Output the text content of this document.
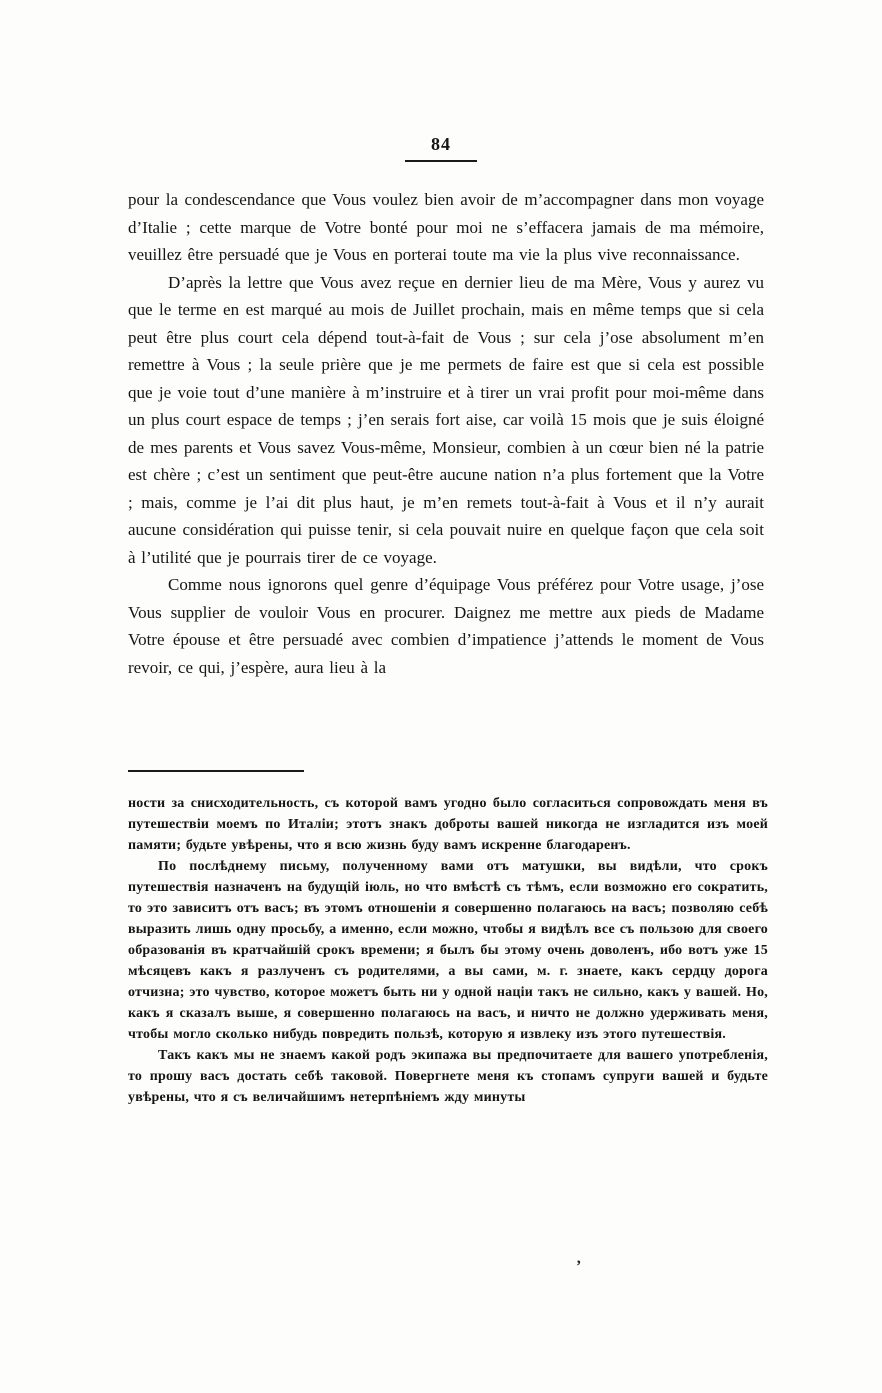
84

pour la condescendance que Vous voulez bien avoir de m’accompagner dans mon voyage d’Italie ; cette marque de Votre bonté pour moi ne s’effacera jamais de ma mémoire, veuillez être persuadé que je Vous en porterai toute ma vie la plus vive reconnaissance.

D’après la lettre que Vous avez reçue en dernier lieu de ma Mère, Vous y aurez vu que le terme en est marqué au mois de Juillet prochain, mais en même temps que si cela peut être plus court cela dépend tout-à-fait de Vous ; sur cela j’ose absolument m’en remettre à Vous ; la seule prière que je me permets de faire est que si cela est possible que je voie tout d’une manière à m’instruire et à tirer un vrai profit pour moi-même dans un plus court espace de temps ; j’en serais fort aise, car voilà 15 mois que je suis éloigné de mes parents et Vous savez Vous-même, Monsieur, combien à un cœur bien né la patrie est chère ; c’est un sentiment que peut-être aucune nation n’a plus fortement que la Votre ; mais, comme je l’ai dit plus haut, je m’en remets tout-à-fait à Vous et il n’y aurait aucune considération qui puisse tenir, si cela pouvait nuire en quelque façon que cela soit à l’utilité que je pourrais tirer de ce voyage.

Comme nous ignorons quel genre d’équipage Vous préférez pour Votre usage, j’ose Vous supplier de vouloir Vous en procurer. Daignez me mettre aux pieds de Madame Votre épouse et être persuadé avec combien d’impatience j’attends le moment de Vous revoir, ce qui, j’espère, aura lieu à la

ности за снисходительность, съ которой вамъ угодно было согласиться сопровождать меня въ путешествіи моемъ по Италіи; этотъ знакъ доброты вашей никогда не изгладится изъ моей памяти; будьте увѣрены, что я всю жизнь буду вамъ искренне благодаренъ.

По послѣднему письму, полученному вами отъ матушки, вы видѣли, что срокъ путешествія назначенъ на будущій іюль, но что вмѣстѣ съ тѣмъ, если возможно его сократить, то это зависитъ отъ васъ; въ этомъ отношеніи я совершенно полагаюсь на васъ; позволяю себѣ выразить лишь одну просьбу, а именно, если можно, чтобы я видѣлъ все съ пользою для своего образованія въ кратчайшій срокъ времени; я былъ бы этому очень доволенъ, ибо вотъ уже 15 мѣсяцевъ какъ я разлученъ съ родителями, а вы сами, м. г. знаете, какъ сердцу дорога отчизна; это чувство, которое можетъ быть ни у одной націи такъ не сильно, какъ у вашей. Но, какъ я сказалъ выше, я совершенно полагаюсь на васъ, и ничто не должно удерживать меня, чтобы могло сколько нибудь повредить пользѣ, которую я извлеку изъ этого путешествія.

Такъ какъ мы не знаемъ какой родъ экипажа вы предпочитаете для вашего употребленія, то прошу васъ достать себѣ таковой. Повергнете меня къ стопамъ супруги вашей и будьте увѣрены, что я съ величайшимъ нетерпѣніемъ жду минуты

’
